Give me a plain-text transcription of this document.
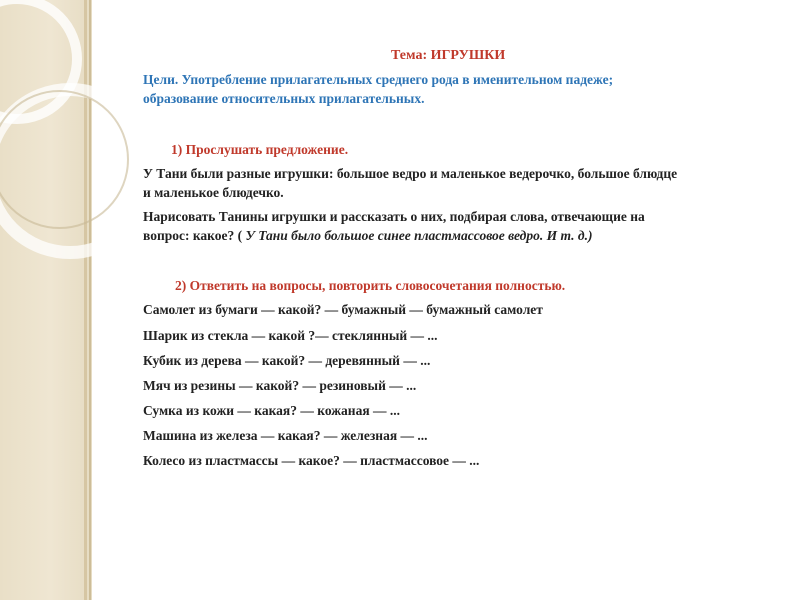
Тема: ИГРУШКИ
Цели. Употребление прилагательных среднего рода в именительном падеже;
образование относительных прилагательных.
1) Прослушать предложение.
У Тани были разные игрушки: большое ведро и маленькое ведерочко, большое блюдце
и маленькое блюдечко.
Нарисовать Танины игрушки и рассказать о них, подбирая слова, отвечающие на
вопрос: какое? ( У Тани было большое синее пластмассовое ведро. И т. д.)
2) Ответить на вопросы, повторить словосочетания полностью.
Самолет из бумаги — какой? — бумажный — бумажный самолет
Шарик из стекла — какой ?— стеклянный — ...
Кубик из дерева — какой? — деревянный — ...
Мяч из резины — какой? — резиновый — ...
Сумка из кожи — какая? — кожаная — ...
Машина из железа — какая? — железная — ...
Колесо из пластмассы — какое? — пластмассовое — ...
